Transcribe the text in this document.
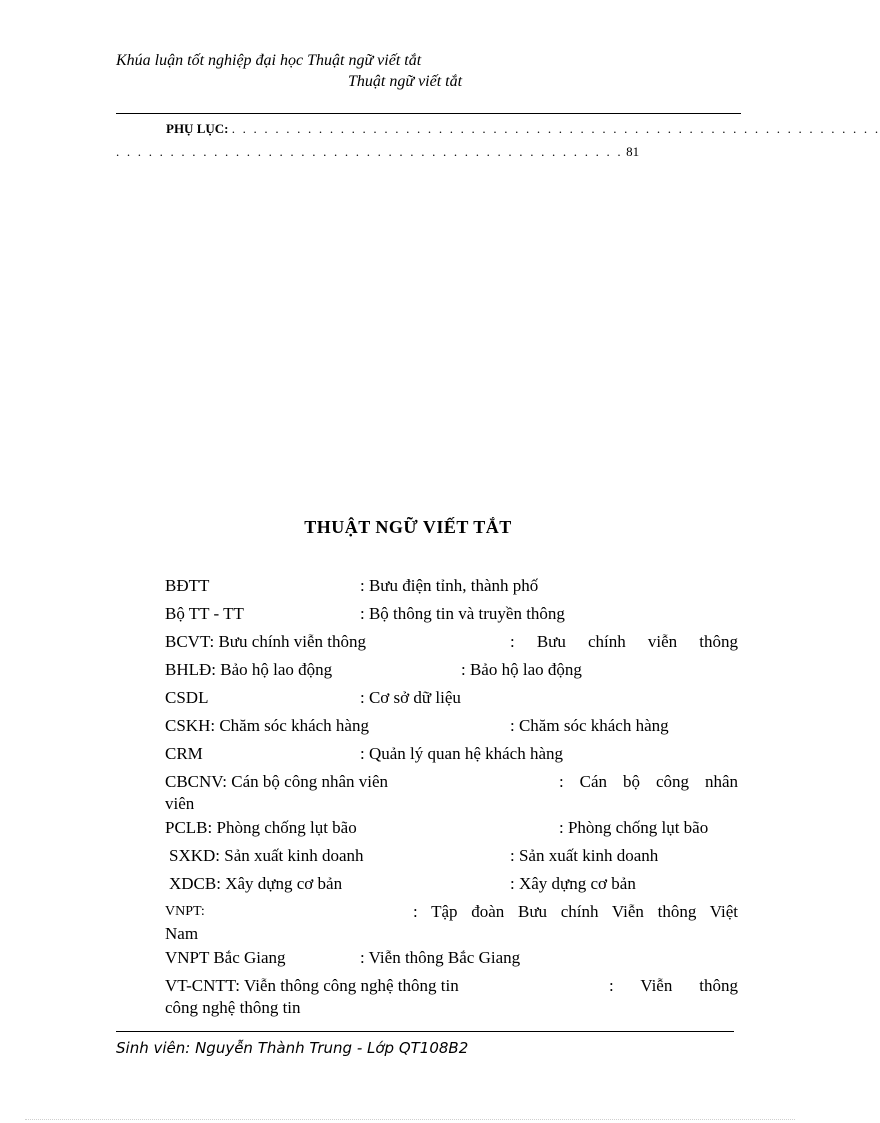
Khúa luận tốt nghiệp đại học Thuật ngữ viết tắt
Thuật ngữ viết tắt
PHỤ LỤC: . . . . . . . . . . . . . . . . . . . . . . . . . . . . . . . . . . . . . . . . . . . . . . . . . . . . . . . . . . . .
. . . . . . . . . . . . . . . . . . . . . . . . . . . . . . . . . . . . . . . . . . . . . . . 81
THUẬT NGỮ VIẾT TẮT
BĐTT	: Bưu điện tỉnh, thành phố
Bộ TT - TT	: Bộ thông tin và truyền thông
BCVT: Bưu chính viễn thông	: Bưu chính viễn thông
BHLĐ: Bảo hộ lao động	: Bảo hộ lao động
CSDL	: Cơ sở dữ liệu
CSKH: Chăm sóc khách hàng	: Chăm sóc khách hàng
CRM	: Quản lý quan hệ khách hàng
CBCNV: Cán bộ công nhân viên	: Cán bộ công nhân
viên
PCLB: Phòng chống lụt bão	: Phòng chống lụt bão
SXKD: Sản xuất kinh doanh	: Sản xuất kinh doanh
XDCB: Xây dựng cơ bản	: Xây dựng cơ bản
VNPT:	: Tập đoàn Bưu chính Viễn thông Việt
Nam
VNPT Bắc Giang	: Viễn thông Bắc Giang
VT-CNTT: Viễn thông công nghệ thông tin	: Viễn thông
công nghệ thông tin
Sinh viên: Nguyễn Thành Trung - Lớp QT108B2
